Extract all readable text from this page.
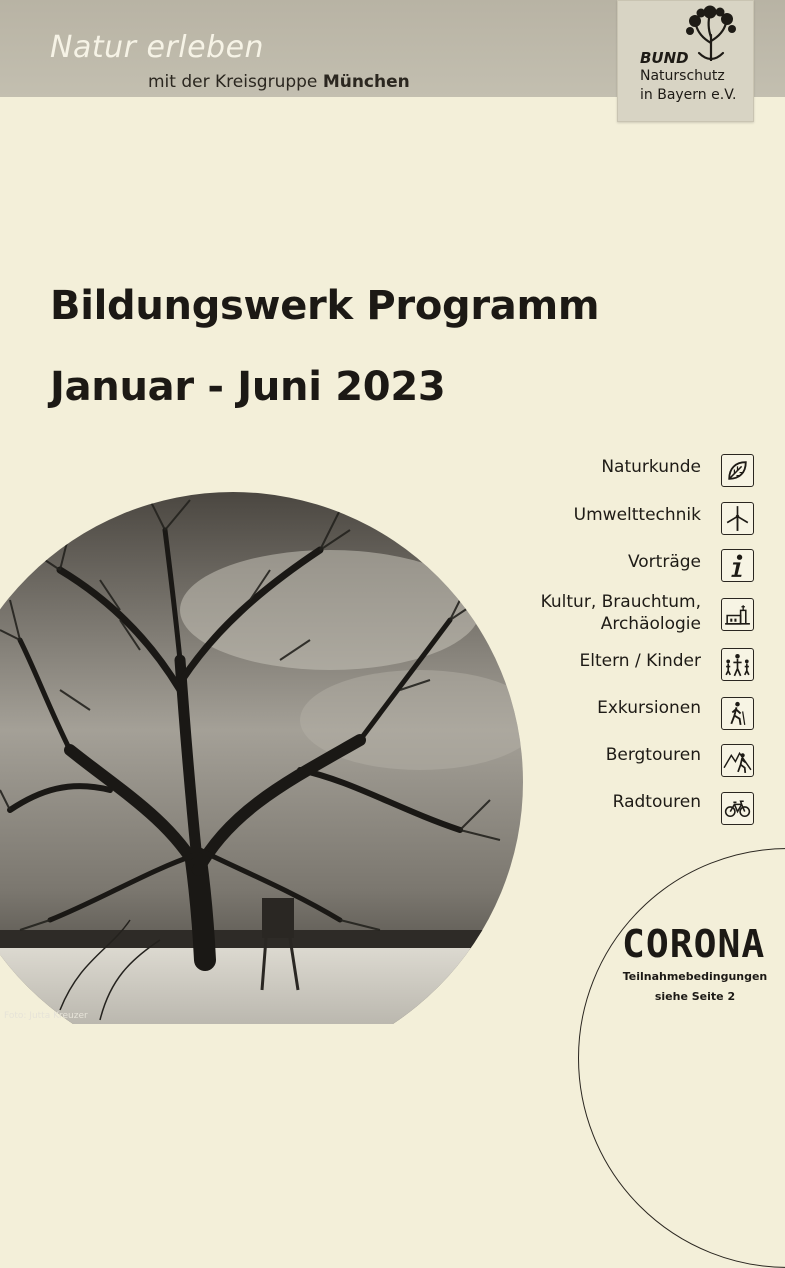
Natur erleben
mit der Kreisgruppe München
BUND
Naturschutz
in Bayern e.V.
Bildungswerk Programm
Januar - Juni 2023
Naturkunde
Umwelttechnik
Vorträge
Kultur, Brauchtum,
Archäologie
Eltern / Kinder
Exkursionen
Bergtouren
Radtouren
Foto: Jutta Kreuzer
CORONA
Teilnahmebedingungen
siehe Seite 2
